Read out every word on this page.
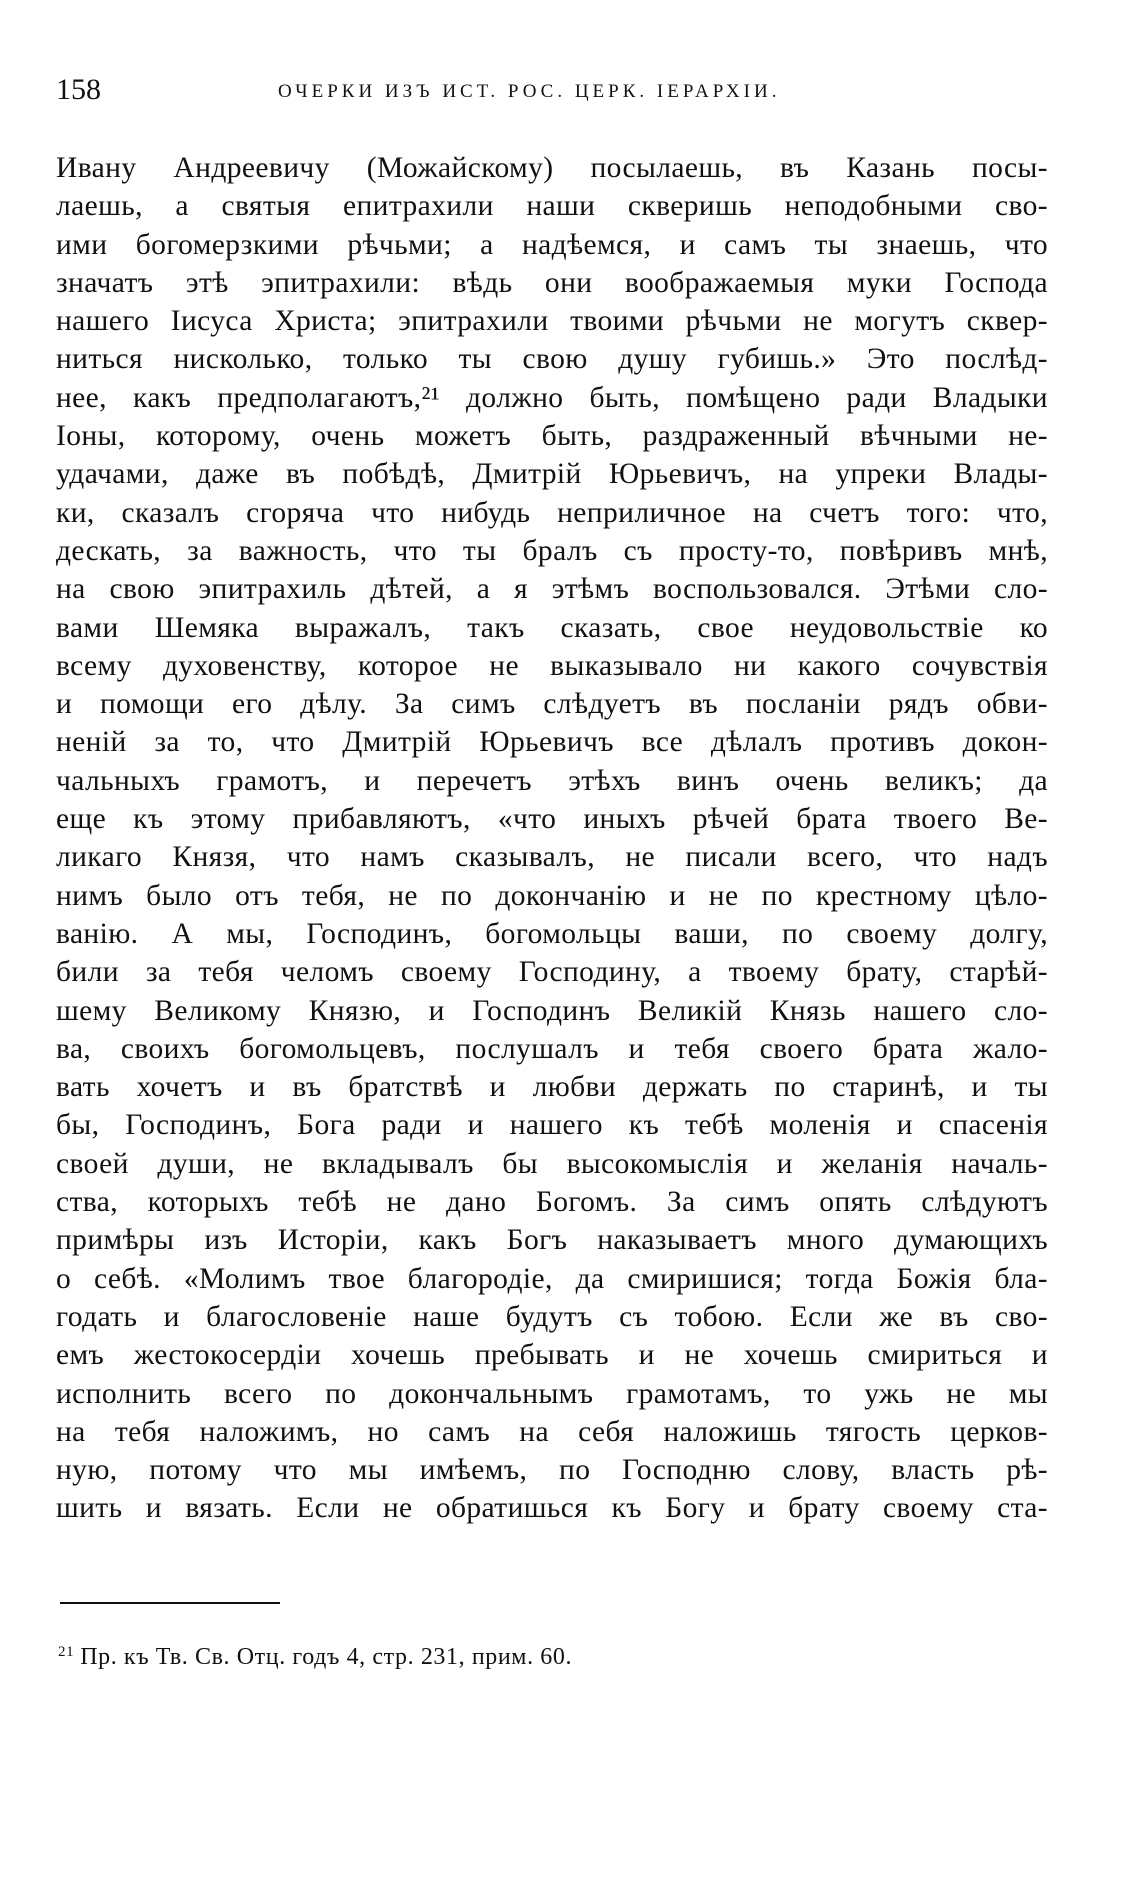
158	ОЧЕРКИ ИЗЪ ИСТ. РОС. ЦЕРК. IЕРАРХIИ.
Ивану Андреевичу (Можайскому) посылаешь, въ Казань посы-
лаешь, а святыя епитрахили наши скверишь неподобными сво-
ими богомерзкими рѣчьми; а надѣемся, и самъ ты знаешь, что
значатъ этѣ эпитрахили: вѣдь они воображаемыя муки Господа
нашего Iисуса Христа; эпитрахили твоими рѣчьми не могутъ сквер-
ниться нисколько, только ты свою душу губишь.» Это послѣд-
нее, какъ предполагаютъ,²¹ должно быть, помѣщено ради Владыки
Iоны, которому, очень можетъ быть, раздраженный вѣчными не-
удачами, даже въ побѣдѣ, Дмитрiй Юрьевичъ, на упреки Влады-
ки, сказалъ сгоряча что нибудь неприличное на счетъ того: что,
дескать, за важность, что ты бралъ съ просту-то, повѣривъ мнѣ,
на свою эпитрахиль дѣтей, а я этѣмъ воспользовался. Этѣми сло-
вами Шемяка выражалъ, такъ сказать, свое неудовольствiе ко
всему духовенству, которое не выказывало ни какого сочувствiя
и помощи его дѣлу. За симъ слѣдуетъ въ посланiи рядъ обви-
ненiй за то, что Дмитрiй Юрьевичъ все дѣлалъ противъ докон-
чальныхъ грамотъ, и перечетъ этѣхъ винъ очень великъ; да
еще къ этому прибавляютъ, «что иныхъ рѣчей брата твоего Ве-
ликаго Князя, что намъ сказывалъ, не писали всего, что надъ
нимъ было отъ тебя, не по докончанiю и не по крестному цѣло-
ванiю. А мы, Господинъ, богомольцы ваши, по своему долгу,
били за тебя челомъ своему Господину, а твоему брату, старѣй-
шему Великому Князю, и Господинъ Великiй Князь нашего сло-
ва, своихъ богомольцевъ, послушалъ и тебя своего брата жало-
вать хочетъ и въ братствѣ и любви держать по старинѣ, и ты
бы, Господинъ, Бога ради и нашего къ тебѣ моленiя и спасенiя
своей души, не вкладывалъ бы высокомыслiя и желанiя началь-
ства, которыхъ тебѣ не дано Богомъ. За симъ опять слѣдуютъ
примѣры изъ Исторiи, какъ Богъ наказываетъ много думающихъ
о себѣ. «Молимъ твое благородiе, да смиришися; тогда Божiя бла-
годать и благословенiе наше будутъ съ тобою. Если же въ сво-
емъ жестокосердiи хочешь пребывать и не хочешь смириться и
исполнить всего по докончальнымъ грамотамъ, то ужь не мы
на тебя наложимъ, но самъ на себя наложишь тягость церков-
ную, потому что мы имѣемъ, по Господню слову, власть рѣ-
шить и вязать. Если не обратишься къ Богу и брату своему ста-
$^{21}$ Пр. къ Тв. Св. Отц. годъ 4, стр. 231, прим. 60.
